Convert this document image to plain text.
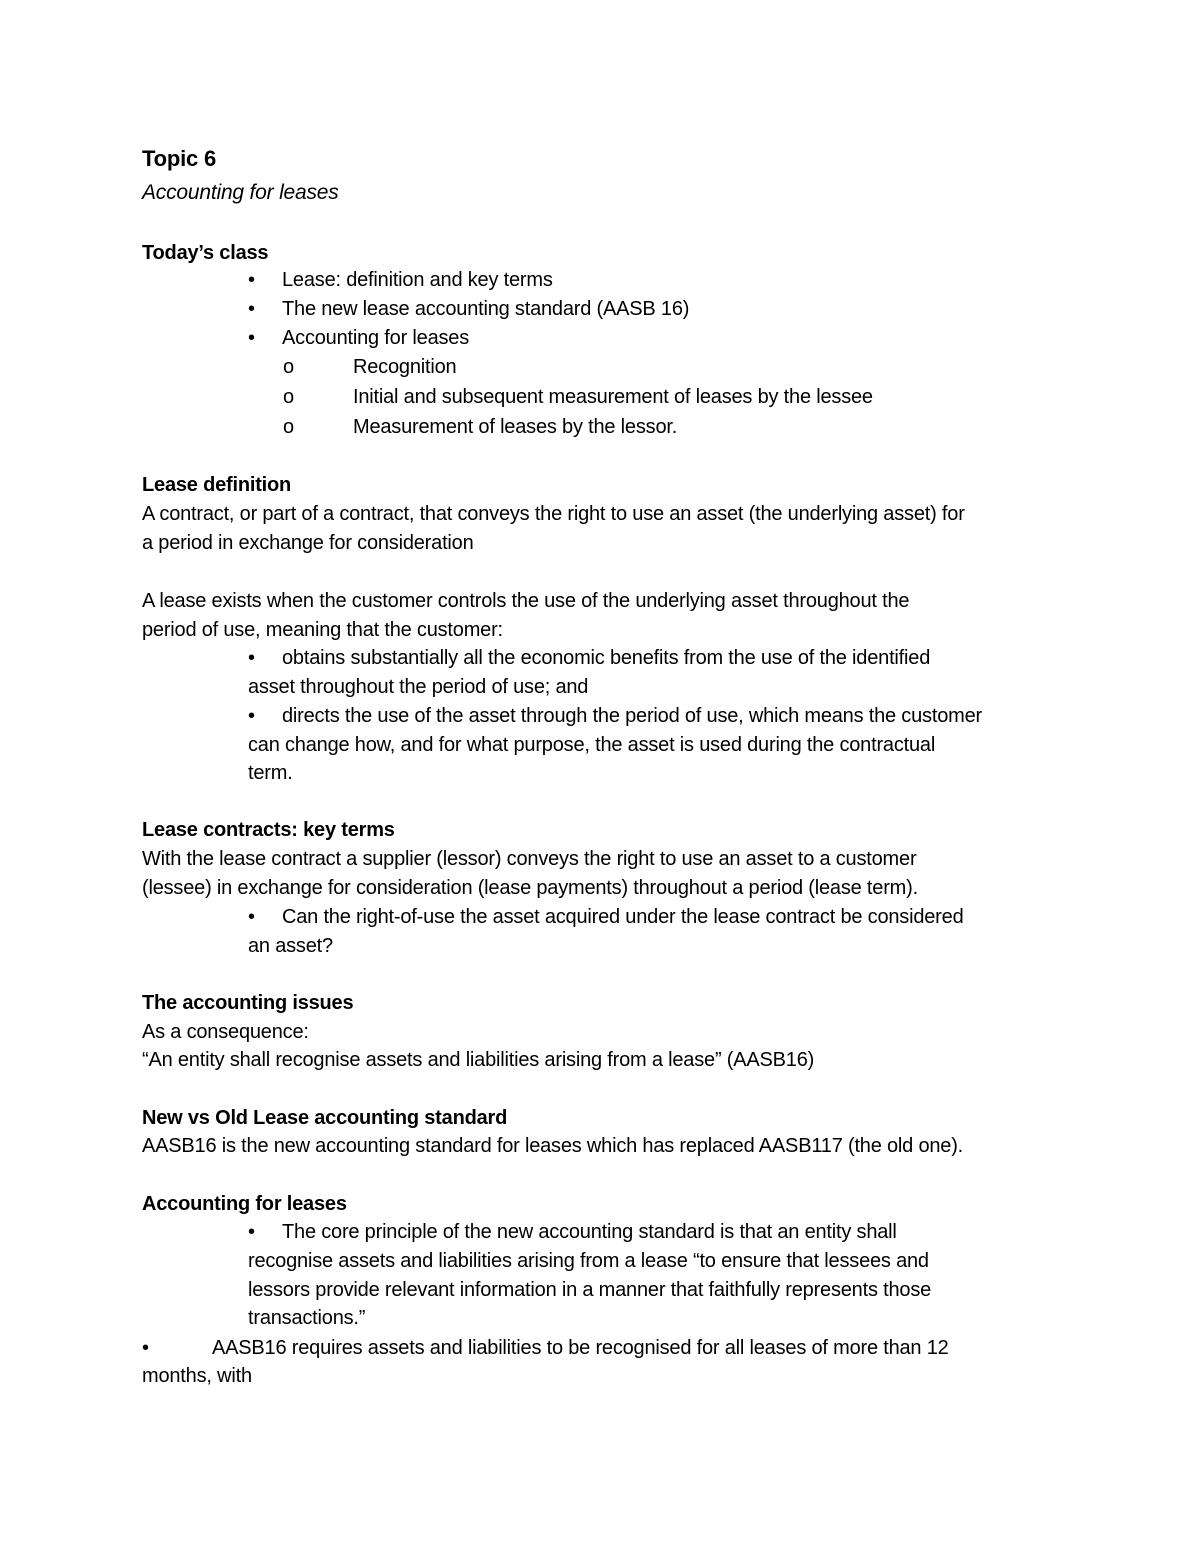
Topic 6
Accounting for leases
Today’s class
• Lease: definition and key terms
• The new lease accounting standard (AASB 16)
• Accounting for leases
o	Recognition
o	Initial and subsequent measurement of leases by the lessee
o	Measurement of leases by the lessor.
Lease definition
A contract, or part of a contract, that conveys the right to use an asset (the underlying asset) for
a period in exchange for consideration
A lease exists when the customer controls the use of the underlying asset throughout the
period of use, meaning that the customer:
• obtains substantially all the economic benefits from the use of the identified
asset throughout the period of use; and
• directs the use of the asset through the period of use, which means the customer
can change how, and for what purpose, the asset is used during the contractual
term.
Lease contracts: key terms
With the lease contract a supplier (lessor) conveys the right to use an asset to a customer
(lessee) in exchange for consideration (lease payments) throughout a period (lease term).
• Can the right-of-use the asset acquired under the lease contract be considered
an asset?
The accounting issues
As a consequence:
“An entity shall recognise assets and liabilities arising from a lease” (AASB16)
New vs Old Lease accounting standard
AASB16 is the new accounting standard for leases which has replaced AASB117 (the old one).
Accounting for leases
• The core principle of the new accounting standard is that an entity shall
recognise assets and liabilities arising from a lease “to ensure that lessees and
lessors provide relevant information in a manner that faithfully represents those
transactions.”
•	AASB16 requires assets and liabilities to be recognised for all leases of more than 12
months, with
